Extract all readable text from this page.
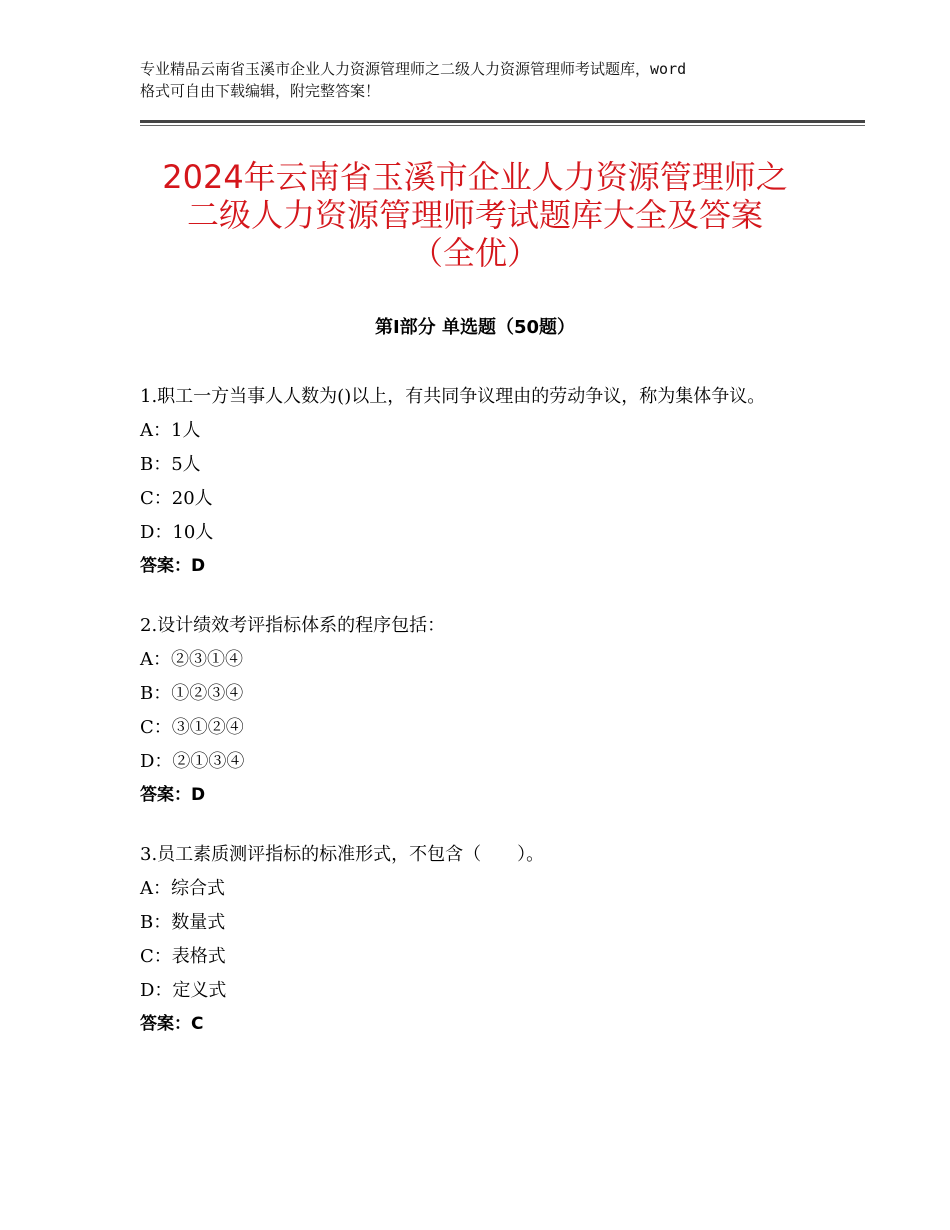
专业精品云南省玉溪市企业人力资源管理师之二级人力资源管理师考试题库，word
格式可自由下载编辑，附完整答案！
2024年云南省玉溪市企业人力资源管理师之
二级人力资源管理师考试题库大全及答案
（全优）
第Ⅰ部分 单选题（50题）

1.职工一方当事人人数为()以上，有共同争议理由的劳动争议，称为集体争议。

A：1人

B：5人

C：20人

D：10人

答案：D

2.设计绩效考评指标体系的程序包括：

A：②③①④

B：①②③④

C：③①②④

D：②①③④

答案：D

3.员工素质测评指标的标准形式，不包含（　　）。

A：综合式

B：数量式

C：表格式

D：定义式

答案：C
